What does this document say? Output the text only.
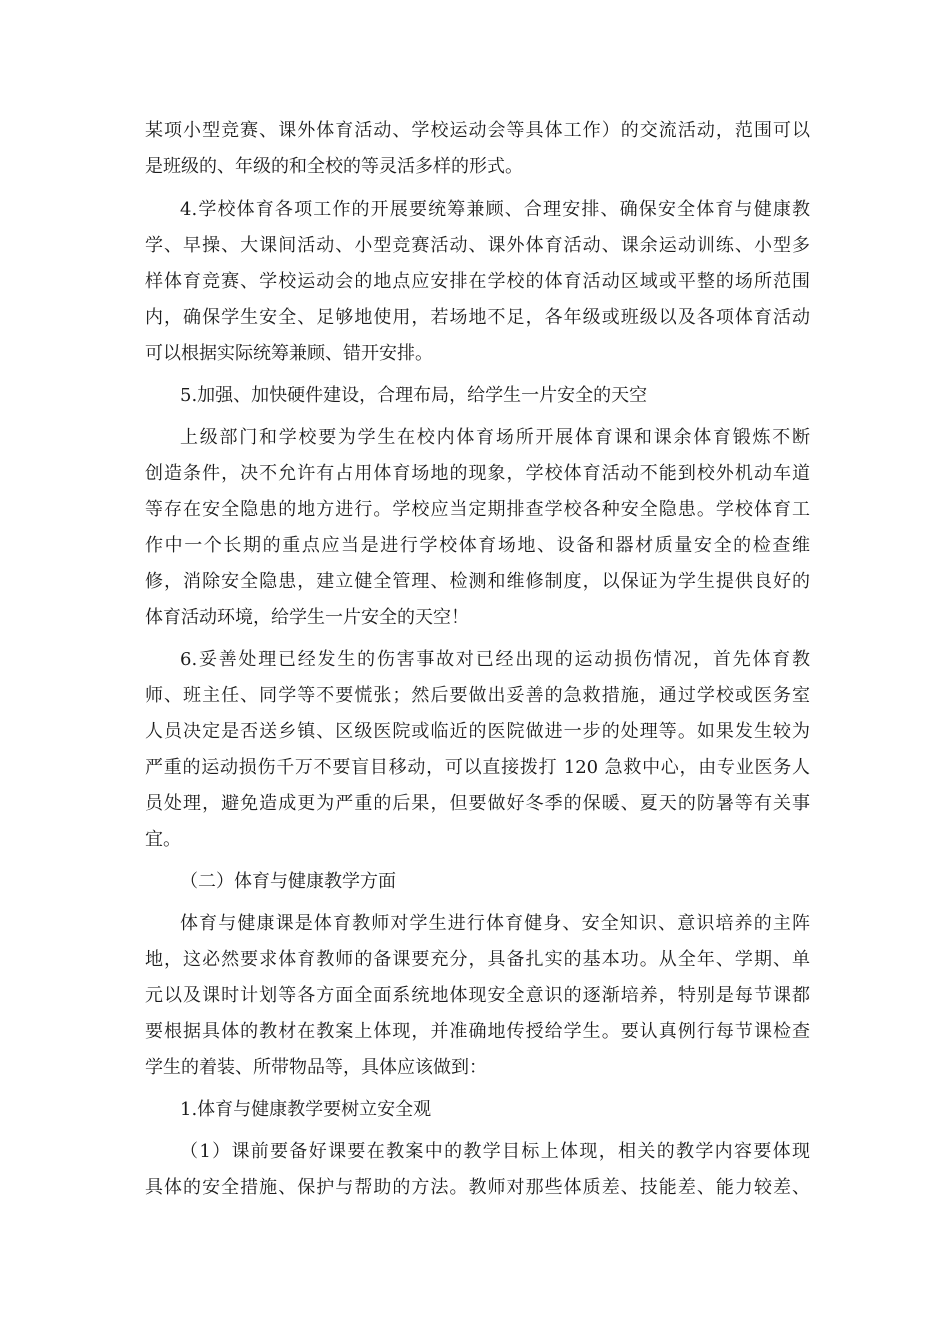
某项小型竞赛、课外体育活动、学校运动会等具体工作）的交流活动，范围可以
是班级的、年级的和全校的等灵活多样的形式。
4.学校体育各项工作的开展要统筹兼顾、合理安排、确保安全体育与健康教
学、早操、大课间活动、小型竞赛活动、课外体育活动、课余运动训练、小型多
样体育竞赛、学校运动会的地点应安排在学校的体育活动区域或平整的场所范围
内，确保学生安全、足够地使用，若场地不足，各年级或班级以及各项体育活动
可以根据实际统筹兼顾、错开安排。
5.加强、加快硬件建设，合理布局，给学生一片安全的天空
上级部门和学校要为学生在校内体育场所开展体育课和课余体育锻炼不断
创造条件，决不允许有占用体育场地的现象，学校体育活动不能到校外机动车道
等存在安全隐患的地方进行。学校应当定期排查学校各种安全隐患。学校体育工
作中一个长期的重点应当是进行学校体育场地、设备和器材质量安全的检查维
修，消除安全隐患，建立健全管理、检测和维修制度，以保证为学生提供良好的
体育活动环境，给学生一片安全的天空！
6.妥善处理已经发生的伤害事故对已经出现的运动损伤情况，首先体育教
师、班主任、同学等不要慌张；然后要做出妥善的急救措施，通过学校或医务室
人员决定是否送乡镇、区级医院或临近的医院做进一步的处理等。如果发生较为
严重的运动损伤千万不要盲目移动，可以直接拨打 120 急救中心，由专业医务人
员处理，避免造成更为严重的后果，但要做好冬季的保暖、夏天的防暑等有关事
宜。
（二）体育与健康教学方面
体育与健康课是体育教师对学生进行体育健身、安全知识、意识培养的主阵
地，这必然要求体育教师的备课要充分，具备扎实的基本功。从全年、学期、单
元以及课时计划等各方面全面系统地体现安全意识的逐渐培养，特别是每节课都
要根据具体的教材在教案上体现，并准确地传授给学生。要认真例行每节课检查
学生的着装、所带物品等，具体应该做到：
1.体育与健康教学要树立安全观
（1）课前要备好课要在教案中的教学目标上体现，相关的教学内容要体现
具体的安全措施、保护与帮助的方法。教师对那些体质差、技能差、能力较差、
